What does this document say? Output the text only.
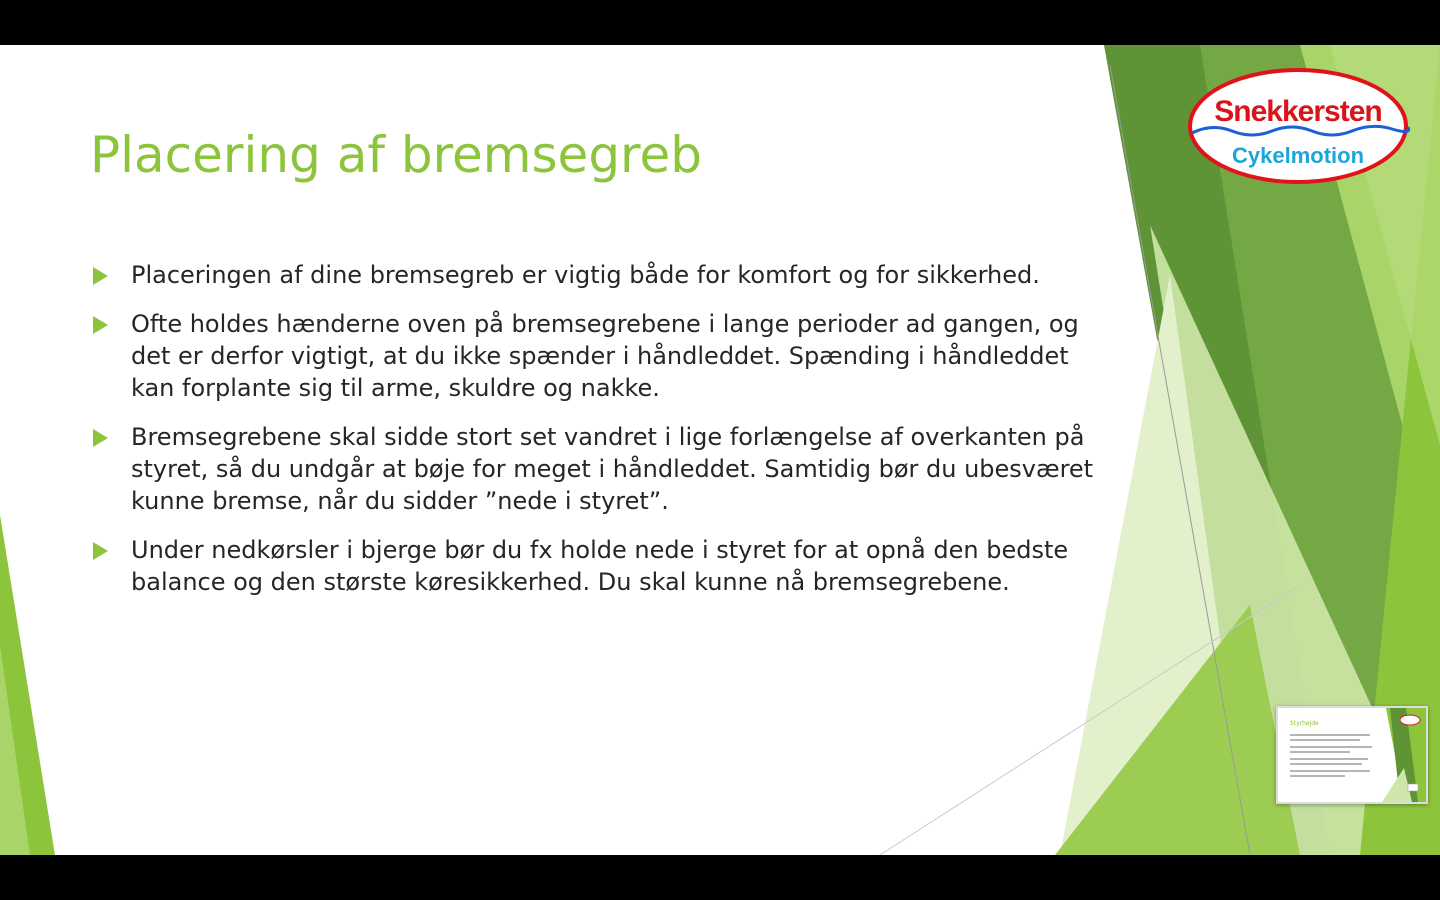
Placering af bremsegreb
Placeringen af dine bremsegreb er vigtig både for komfort og for sikkerhed.
Ofte holdes hænderne oven på bremsegrebene i lange perioder ad gangen, og det er derfor vigtigt, at du ikke spænder i håndleddet. Spænding i håndleddet kan forplante sig til arme, skuldre og nakke.
Bremsegrebene skal sidde stort set vandret i lige forlængelse af overkanten på styret, så du undgår at bøje for meget i håndleddet. Samtidig bør du ubesværet kunne bremse, når du sidder ”nede i styret”.
Under nedkørsler i bjerge bør du fx holde nede i styret for at opnå den bedste balance og den største køresikkerhed. Du skal kunne nå bremsegrebene.
Snekkersten
Cykelmotion
Styrhøjde
